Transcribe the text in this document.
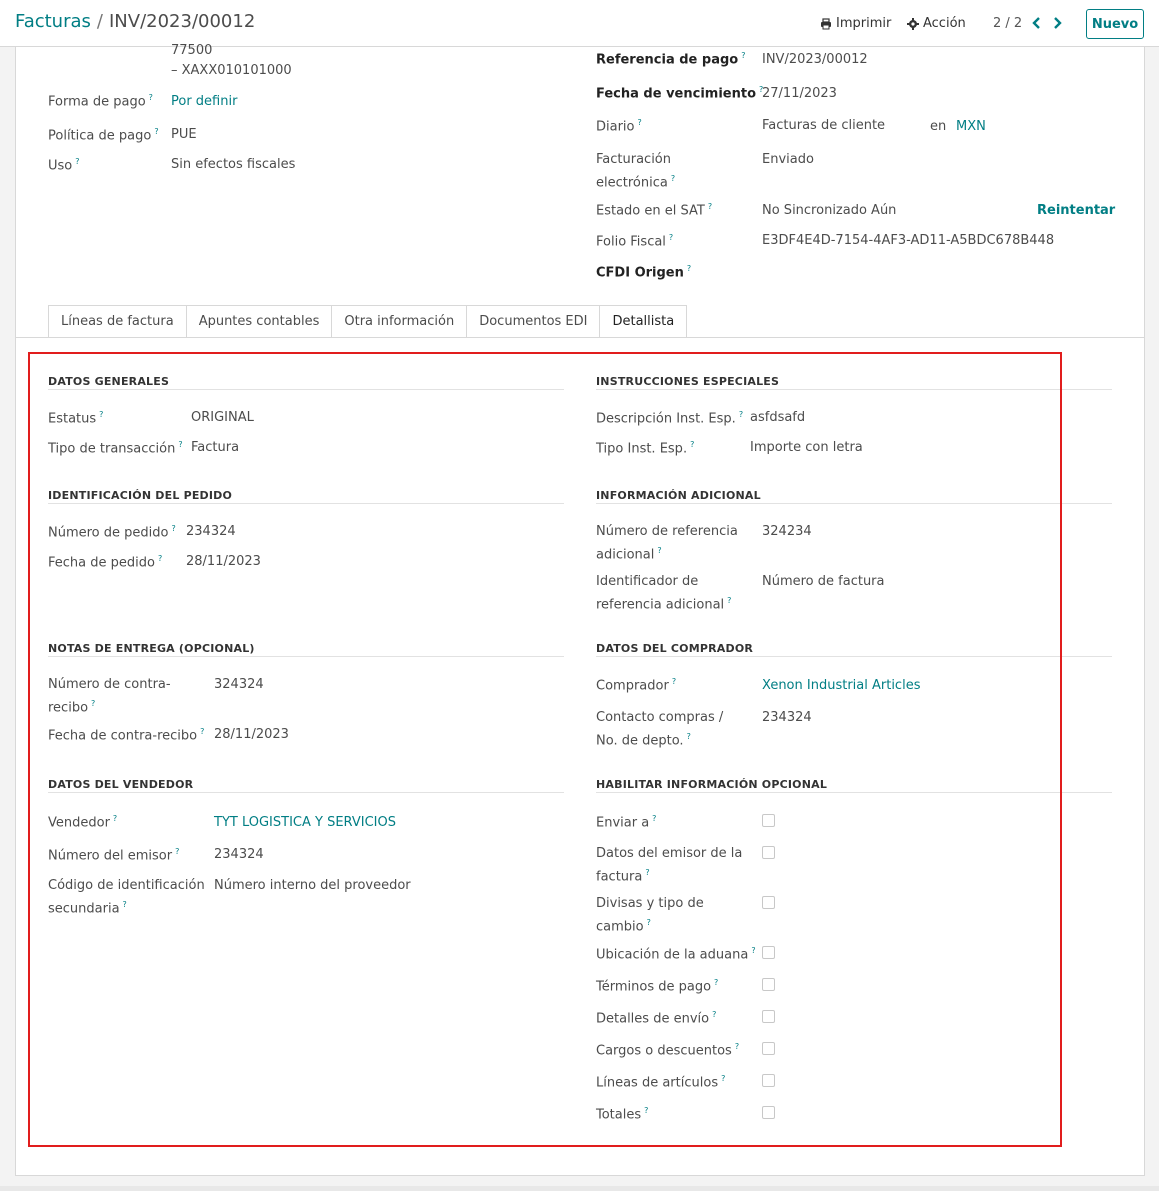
Facturas / INV/2023/00012	Imprimir Acción 2 / 2	Nuevo
77500
– XAXX010101000
Forma de pago ? Por definir
Política de pago ? PUE
Uso ?	Sin efectos fiscales
Referencia de pago ? INV/2023/00012
Fecha de vencimiento ?
27/11/2023
Diario ?	Facturas de cliente	en MXN
Facturación electrónica ?
Enviado
Estado en el SAT ?	No Sincronizado Aún	Reintentar
Folio Fiscal ?	E3DF4E4D-7154-4AF3-AD11-A5BDC678B448
CFDI Origen ?
Líneas de factura	Apuntes contables	Otra información	Documentos EDI	Detallista
DATOS GENERALES
Estatus ?	ORIGINAL
Tipo de transacción ? Factura
IDENTIFICACIÓN DEL PEDIDO
Número de pedido ? 234324
Fecha de pedido ? 28/11/2023
NOTAS DE ENTREGA (OPCIONAL)
Número de contra-recibo ?
324324
Fecha de contra-recibo ? 28/11/2023
DATOS DEL VENDEDOR
Vendedor ?	TYT LOGISTICA Y SERVICIOS
Número del emisor ?	234324
Código de identificación secundaria ?
Número interno del proveedor
INSTRUCCIONES ESPECIALES
Descripción Inst. Esp. ? asfdsafd
Tipo Inst. Esp. ?	Importe con letra
INFORMACIÓN ADICIONAL
Número de referencia adicional ?
324234
Identificador de referencia adicional ?
Número de factura
DATOS DEL COMPRADOR
Comprador ?	Xenon Industrial Articles
Contacto compras / No. de depto. ?
234324
HABILITAR INFORMACIÓN OPCIONAL
Enviar a ?
Datos del emisor de la factura ?
Divisas y tipo de cambio ?
Ubicación de la aduana ?
Términos de pago ?
Detalles de envío ?
Cargos o descuentos ?
Líneas de artículos ?
Totales ?
